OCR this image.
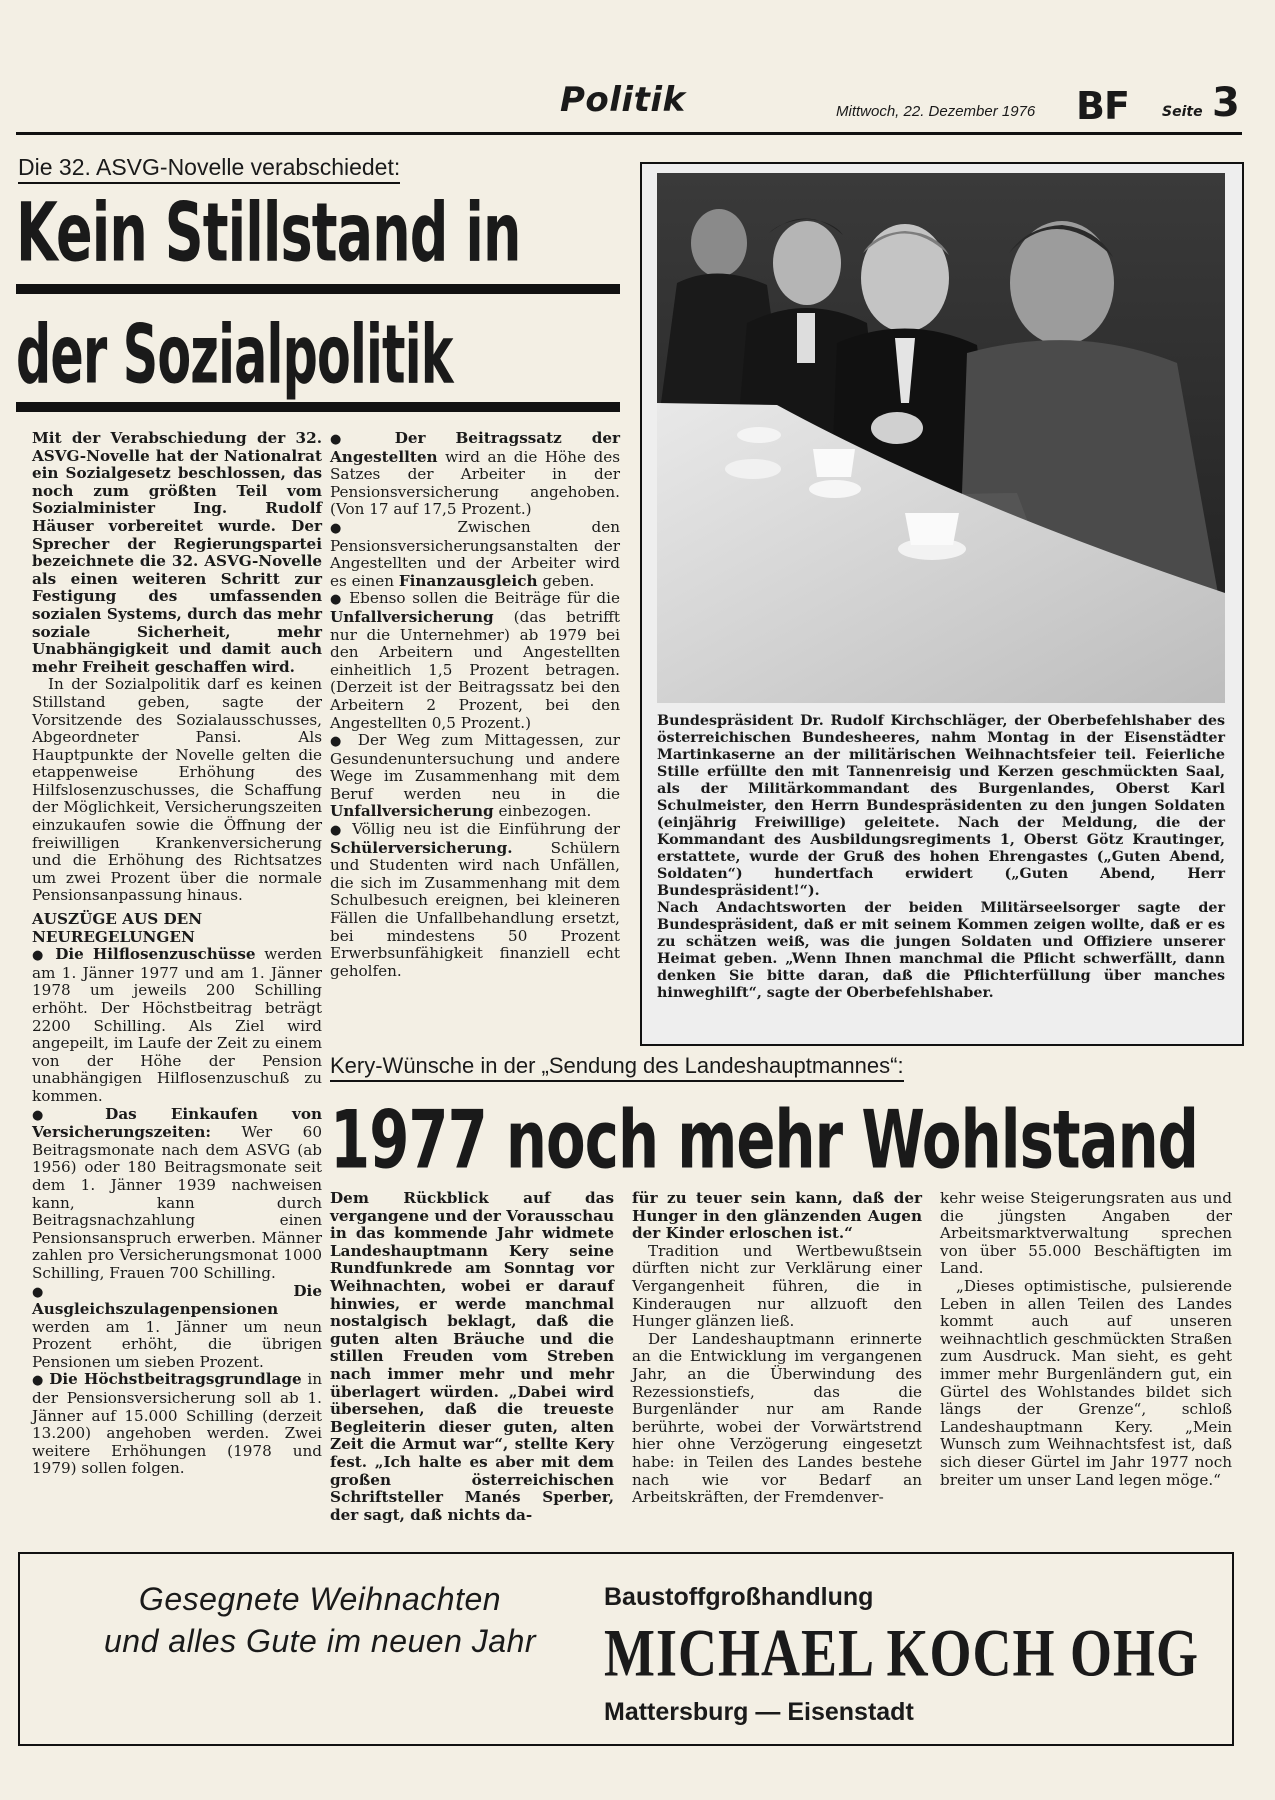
Politik	Mittwoch, 22. Dezember 1976 BF Seite 3
Die 32. ASVG-Novelle verabschiedet:
Kein Stillstand in
der Sozialpolitik

Mit der Verabschiedung der 32. ASVG-Novelle hat der Nationalrat ein Sozialgesetz beschlossen, das noch zum größten Teil vom Sozialminister Ing. Rudolf Häuser vorbereitet wurde. Der Sprecher der Regierungspartei bezeichnete die 32. ASVG-Novelle als einen weiteren Schritt zur Festigung des umfassenden sozialen Systems, durch das mehr soziale Sicherheit, mehr Unabhängigkeit und damit auch mehr Freiheit geschaffen wird.

In der Sozialpolitik darf es keinen Stillstand geben, sagte der Vorsitzende des Sozialausschusses, Abgeordneter Pansi. Als Hauptpunkte der Novelle gelten die etappenweise Erhöhung des Hilfslosenzuschusses, die Schaffung der Möglichkeit, Versicherungszeiten einzukaufen sowie die Öffnung der freiwilligen Krankenversicherung und die Erhöhung des Richtsatzes um zwei Prozent über die normale Pensionsanpassung hinaus.

AUSZÜGE AUS DEN NEUREGELUNGEN

● Die Hilflosenzuschüsse werden am 1. Jänner 1977 und am 1. Jänner 1978 um jeweils 200 Schilling erhöht. Der Höchstbeitrag beträgt 2200 Schilling. Als Ziel wird angepeilt, im Laufe der Zeit zu einem von der Höhe der Pension unabhängigen Hilflosenzuschuß zu kommen.

● Das Einkaufen von Versicherungszeiten: Wer 60 Beitragsmonate nach dem ASVG (ab 1956) oder 180 Beitragsmonate seit dem 1. Jänner 1939 nachweisen kann, kann durch Beitragsnachzahlung einen Pensionsanspruch erwerben. Männer zahlen pro Versicherungsmonat 1000 Schilling, Frauen 700 Schilling.

● Die Ausgleichszulagenpensionen werden am 1. Jänner um neun Prozent erhöht, die übrigen Pensionen um sieben Prozent.

● Die Höchstbeitragsgrundlage in der Pensionsversicherung soll ab 1. Jänner auf 15.000 Schilling (derzeit 13.200) angehoben werden. Zwei weitere Erhöhungen (1978 und 1979) sollen folgen.

● Der Beitragssatz der Angestellten wird an die Höhe des Satzes der Arbeiter in der Pensionsversicherung angehoben. (Von 17 auf 17,5 Prozent.)

● Zwischen den Pensionsversicherungsanstalten der Angestellten und der Arbeiter wird es einen Finanzausgleich geben.

● Ebenso sollen die Beiträge für die Unfallversicherung (das betrifft nur die Unternehmer) ab 1979 bei den Arbeitern und Angestellten einheitlich 1,5 Prozent betragen. (Derzeit ist der Beitragssatz bei den Arbeitern 2 Prozent, bei den Angestellten 0,5 Prozent.)

● Der Weg zum Mittagessen, zur Gesundenuntersuchung und andere Wege im Zusammenhang mit dem Beruf werden neu in die Unfallversicherung einbezogen.

● Völlig neu ist die Einführung der Schülerversicherung. Schülern und Studenten wird nach Unfällen, die sich im Zusammenhang mit dem Schulbesuch ereignen, bei kleineren Fällen die Unfallbehandlung ersetzt, bei mindestens 50 Prozent Erwerbsunfähigkeit finanziell echt geholfen.

Bundespräsident Dr. Rudolf Kirchschläger, der Oberbefehlshaber des österreichischen Bundesheeres, nahm Montag in der Eisenstädter Martinkaserne an der militärischen Weihnachtsfeier teil. Feierliche Stille erfüllte den mit Tannenreisig und Kerzen geschmückten Saal, als der Militärkommandant des Burgenlandes, Oberst Karl Schulmeister, den Herrn Bundespräsidenten zu den jungen Soldaten (einjährig Freiwillige) geleitete. Nach der Meldung, die der Kommandant des Ausbildungsregiments 1, Oberst Götz Krautinger, erstattete, wurde der Gruß des hohen Ehrengastes („Guten Abend, Soldaten“) hundertfach erwidert („Guten Abend, Herr Bundespräsident!“).
Nach Andachtsworten der beiden Militärseelsorger sagte der Bundespräsident, daß er mit seinem Kommen zeigen wollte, daß er es zu schätzen weiß, was die jungen Soldaten und Offiziere unserer Heimat geben. „Wenn Ihnen manchmal die Pflicht schwerfällt, dann denken Sie bitte daran, daß die Pflichterfüllung über manches hinweghilft“, sagte der Oberbefehlshaber.
Kery-Wünsche in der „Sendung des Landeshauptmannes“:
1977 noch mehr Wohlstand

Dem Rückblick auf das vergangene und der Vorausschau in das kommende Jahr widmete Landeshauptmann Kery seine Rundfunkrede am Sonntag vor Weihnachten, wobei er darauf hinwies, er werde manchmal nostalgisch beklagt, daß die guten alten Bräuche und die stillen Freuden vom Streben nach immer mehr und mehr überlagert würden. „Dabei wird übersehen, daß die treueste Begleiterin dieser guten, alten Zeit die Armut war“, stellte Kery fest. „Ich halte es aber mit dem großen österreichischen Schriftsteller Manés Sperber, der sagt, daß nichts da-

für zu teuer sein kann, daß der Hunger in den glänzenden Augen der Kinder erloschen ist.“

Tradition und Wertbewußtsein dürften nicht zur Verklärung einer Vergangenheit führen, die in Kinderaugen nur allzuoft den Hunger glänzen ließ.

Der Landeshauptmann erinnerte an die Entwicklung im vergangenen Jahr, an die Überwindung des Rezessionstiefs, das die Burgenländer nur am Rande berührte, wobei der Vorwärtstrend hier ohne Verzögerung eingesetzt habe: in Teilen des Landes bestehe nach wie vor Bedarf an Arbeitskräften, der Fremdenver-

kehr weise Steigerungsraten aus und die jüngsten Angaben der Arbeitsmarktverwaltung sprechen von über 55.000 Beschäftigten im Land.

„Dieses optimistische, pulsierende Leben in allen Teilen des Landes kommt auch auf unseren weihnachtlich geschmückten Straßen zum Ausdruck. Man sieht, es geht immer mehr Burgenländern gut, ein Gürtel des Wohlstandes bildet sich längs der Grenze“, schloß Landeshauptmann Kery. „Mein Wunsch zum Weihnachtsfest ist, daß sich dieser Gürtel im Jahr 1977 noch breiter um unser Land legen möge.“

Gesegnete Weihnachten
und alles Gute im neuen Jahr
Baustoffgroßhandlung
MICHAEL KOCH OHG
Mattersburg — Eisenstadt
